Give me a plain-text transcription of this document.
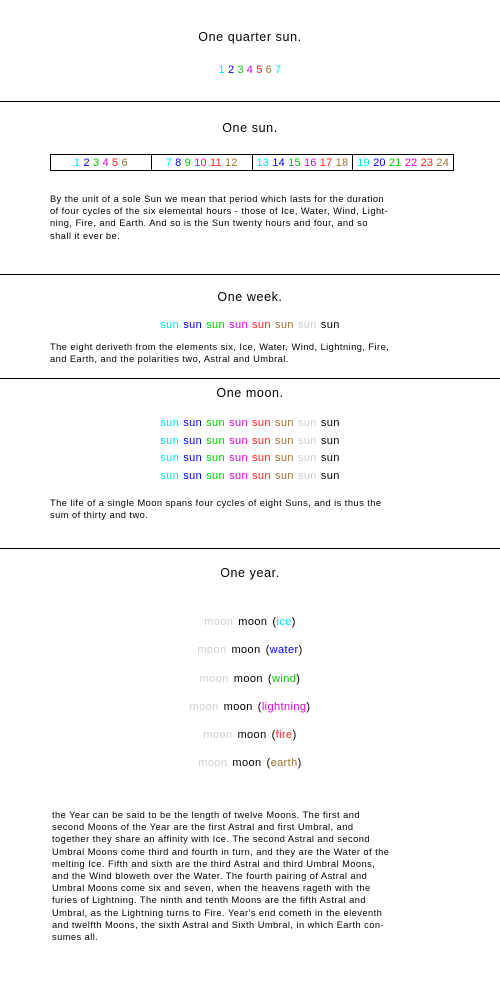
One quarter sun.
1 2 3 4 5 6 7
One sun.
1 2 3 4 5 6	7 8 9 10 11 12 13 14 15 16 17 18 19 20 21 22 23 24
By the unit of a sole Sun we mean that period which lasts for the duration
of four cycles of the six elemental hours - those of Ice, Water, Wind, Light-
ning, Fire, and Earth. And so is the Sun twenty hours and four, and so
shall it ever be.
One week.
sun sun sun sun sun sun sun sun
The eight deriveth from the elements six, Ice, Water, Wind, Lightning, Fire,
and Earth, and the polarities two, Astral and Umbral.
One moon.
sun sun sun sun sun sun sun sun
sun sun sun sun sun sun sun sun
sun sun sun sun sun sun sun sun
sun sun sun sun sun sun sun sun
The life of a single Moon spans four cycles of eight Suns, and is thus the
sum of thirty and two.
One year.
moon moon (ice)
moon moon (water)
moon moon (wind)
moon moon (lightning)
moon moon (fire)
moon moon (earth)
the Year can be said to be the length of twelve Moons. The first and
second Moons of the Year are the first Astral and first Umbral, and
together they share an affinity with Ice. The second Astral and second
Umbral Moons come third and fourth in turn, and they are the Water of the
melting Ice. Fifth and sixth are the third Astral and third Umbral Moons,
and the Wind bloweth over the Water. The fourth pairing of Astral and
Umbral Moons come six and seven, when the heavens rageth with the
furies of Lightning. The ninth and tenth Moons are the fifth Astral and
Umbral, as the Lightning turns to Fire. Year's end cometh in the eleventh
and twelfth Moons, the sixth Astral and Sixth Umbral, in which Earth con-
sumes all.
